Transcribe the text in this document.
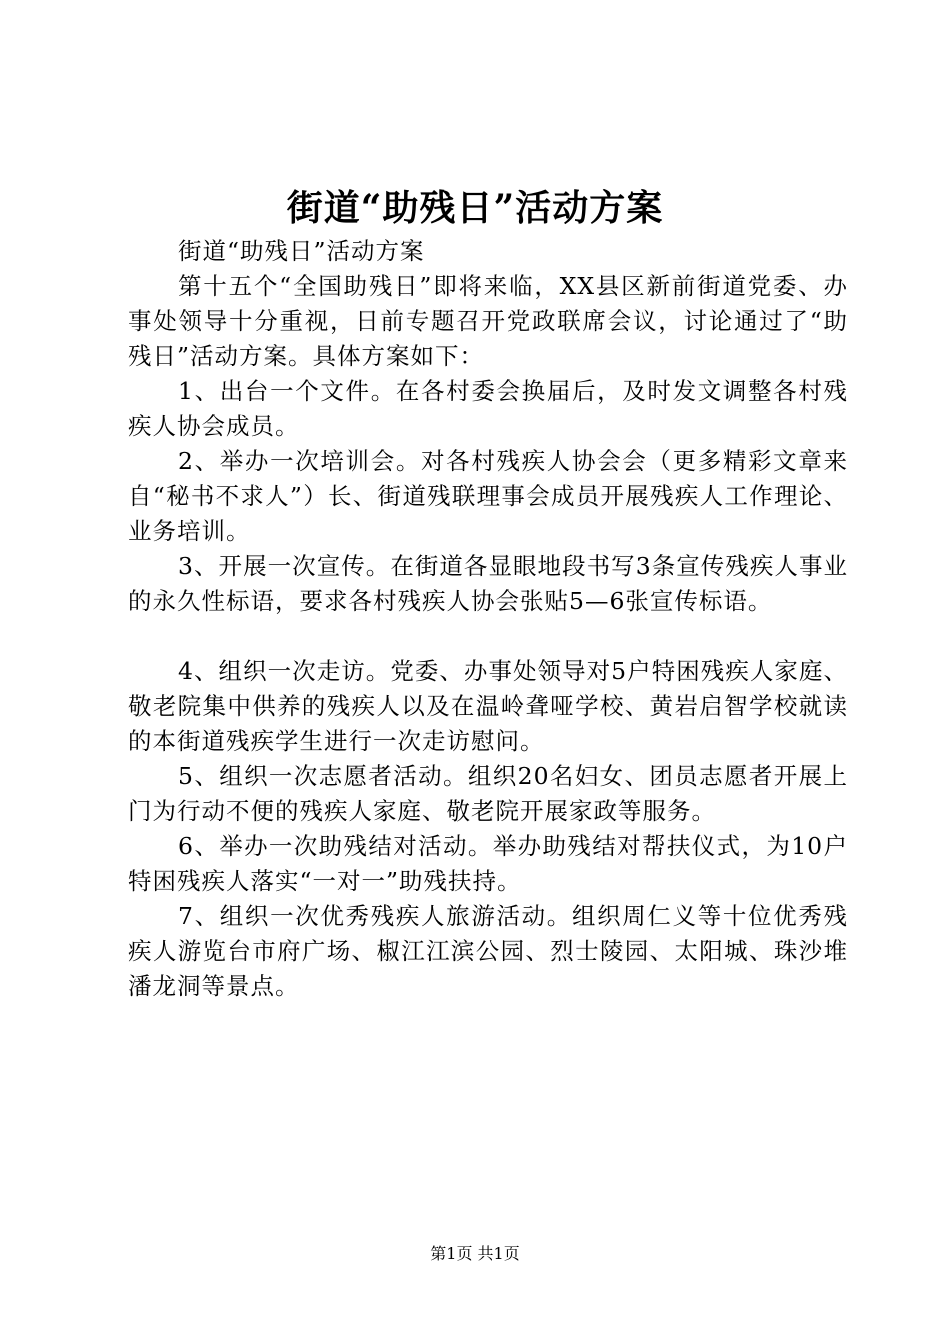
街道“助残日”活动方案

街道“助残日”活动方案

第十五个“全国助残日”即将来临，XX县区新前街道党委、办事处领导十分重视，日前专题召开党政联席会议，讨论通过了“助残日”活动方案。具体方案如下：

1、出台一个文件。在各村委会换届后，及时发文调整各村残疾人协会成员。

2、举办一次培训会。对各村残疾人协会会（更多精彩文章来自“秘书不求人”）长、街道残联理事会成员开展残疾人工作理论、业务培训。

3、开展一次宣传。在街道各显眼地段书写3条宣传残疾人事业的永久性标语，要求各村残疾人协会张贴5—6张宣传标语。

4、组织一次走访。党委、办事处领导对5户特困残疾人家庭、敬老院集中供养的残疾人以及在温岭聋哑学校、黄岩启智学校就读的本街道残疾学生进行一次走访慰问。

5、组织一次志愿者活动。组织20名妇女、团员志愿者开展上门为行动不便的残疾人家庭、敬老院开展家政等服务。

6、举办一次助残结对活动。举办助残结对帮扶仪式，为10户特困残疾人落实“一对一”助残扶持。

7、组织一次优秀残疾人旅游活动。组织周仁义等十位优秀残疾人游览台市府广场、椒江江滨公园、烈士陵园、太阳城、珠沙堆潘龙洞等景点。

第1页 共1页
